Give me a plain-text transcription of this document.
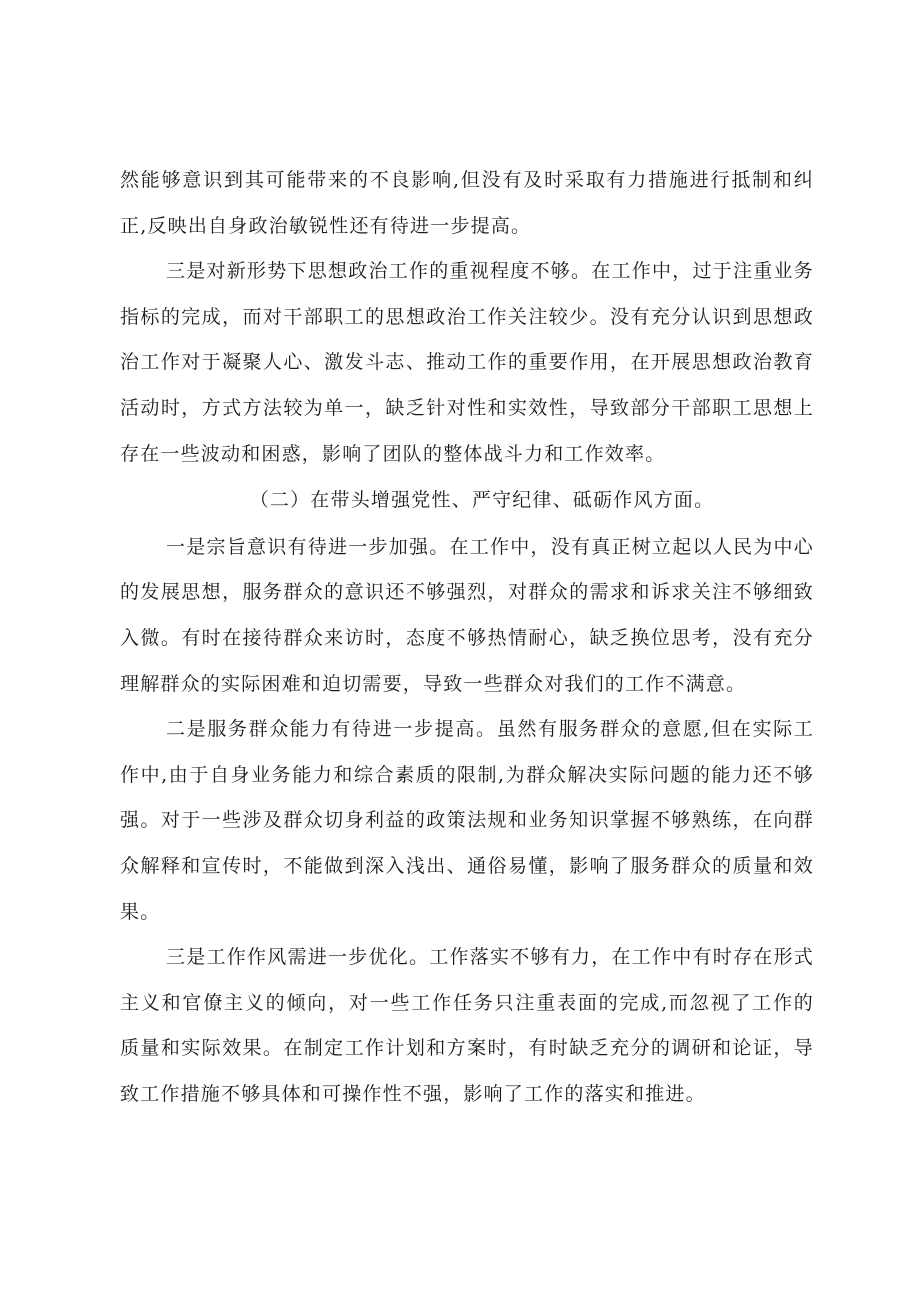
然能够意识到其可能带来的不良影响,但没有及时采取有力措施进行抵制和纠正,反映出自身政治敏锐性还有待进一步提高。

三是对新形势下思想政治工作的重视程度不够。在工作中，过于注重业务指标的完成，而对干部职工的思想政治工作关注较少。没有充分认识到思想政治工作对于凝聚人心、激发斗志、推动工作的重要作用，在开展思想政治教育活动时，方式方法较为单一，缺乏针对性和实效性，导致部分干部职工思想上存在一些波动和困惑，影响了团队的整体战斗力和工作效率。

（二）在带头增强党性、严守纪律、砥砺作风方面。

一是宗旨意识有待进一步加强。在工作中，没有真正树立起以人民为中心的发展思想，服务群众的意识还不够强烈，对群众的需求和诉求关注不够细致入微。有时在接待群众来访时，态度不够热情耐心，缺乏换位思考，没有充分理解群众的实际困难和迫切需要，导致一些群众对我们的工作不满意。

二是服务群众能力有待进一步提高。虽然有服务群众的意愿,但在实际工作中,由于自身业务能力和综合素质的限制,为群众解决实际问题的能力还不够强。对于一些涉及群众切身利益的政策法规和业务知识掌握不够熟练，在向群众解释和宣传时，不能做到深入浅出、通俗易懂，影响了服务群众的质量和效果。

三是工作作风需进一步优化。工作落实不够有力，在工作中有时存在形式主义和官僚主义的倾向，对一些工作任务只注重表面的完成,而忽视了工作的质量和实际效果。在制定工作计划和方案时，有时缺乏充分的调研和论证，导致工作措施不够具体和可操作性不强，影响了工作的落实和推进。
